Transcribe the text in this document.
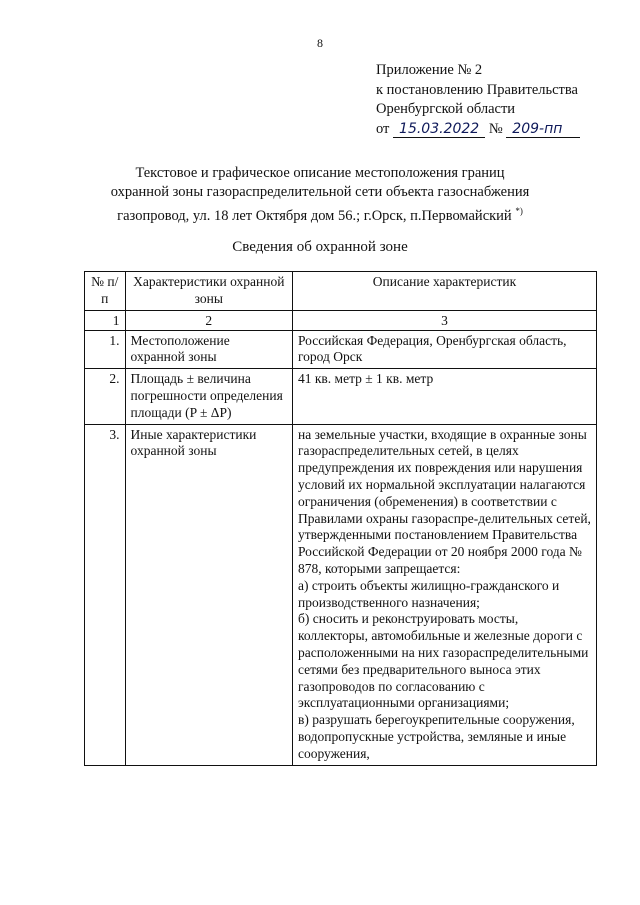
8
Приложение № 2
к постановлению Правительства
Оренбургской области
от 15.03.2022 № 209-пп
Текстовое и графическое описание местоположения границ
охранной зоны газораспределительной сети объекта газоснабжения
газопровод, ул. 18 лет Октября дом 56.; г.Орск, п.Первомайский *)
Сведения об охранной зоне
№ п/п	Характеристики охранной зоны	Описание характеристик
1	2	3
1.	Местоположение охранной зоны	Российская Федерация, Оренбургская область, город Орск
2.	Площадь ± величина погрешности определения площади (P ± ΔP)	41 кв. метр ± 1 кв. метр
3.	Иные характеристики охранной зоны	на земельные участки, входящие в охранные зоны газораспределительных сетей, в целях предупреждения их повреждения или нарушения условий их нормальной эксплуатации налагаются ограничения (обременения) в соответствии с Правилами охраны газораспре-делительных сетей, утвержденными постановлением Правительства Российской Федерации от 20 ноября 2000 года № 878, которыми запрещается:
а) строить объекты жилищно-гражданского и производственного назначения;
б) сносить и реконструировать мосты, коллекторы, автомобильные и железные дороги с расположенными на них газораспределительными сетями без предварительного выноса этих газопроводов по согласованию с эксплуатационными организациями;
в) разрушать берегоукрепительные сооружения, водопропускные устройства, земляные и иные сооружения,
